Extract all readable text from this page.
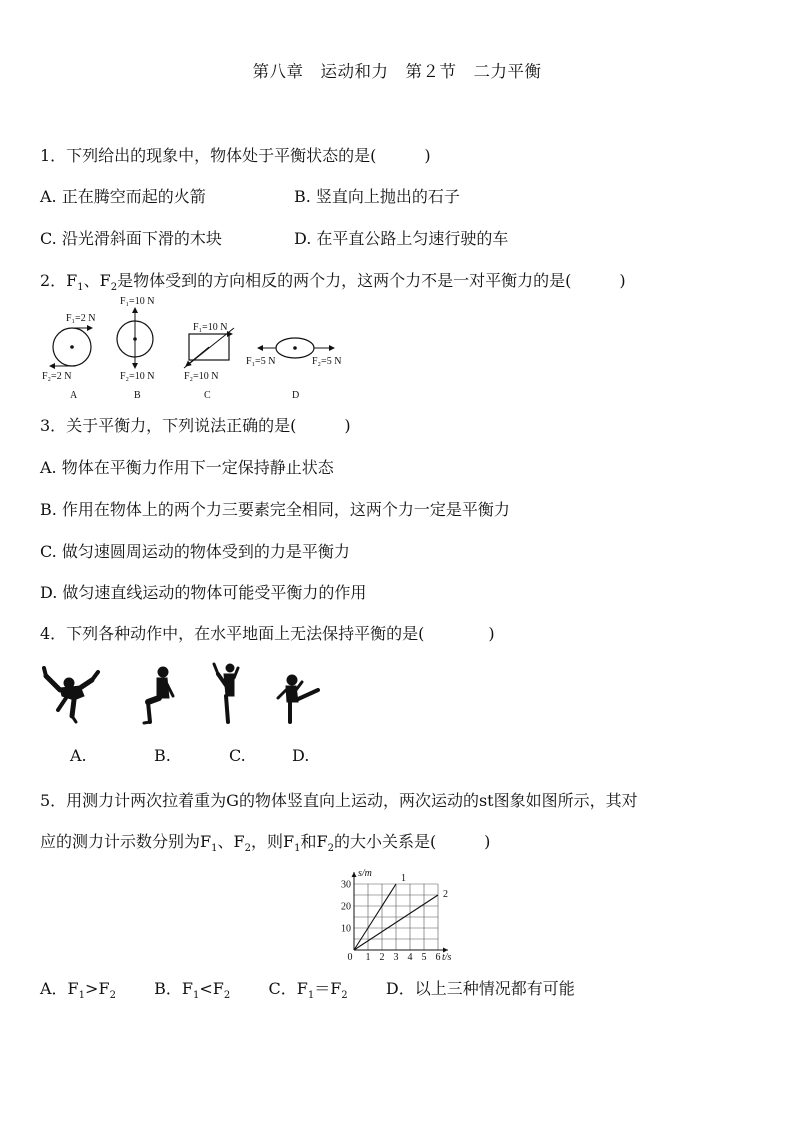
第八章　运动和力　第２节　二力平衡
1．下列给出的现象中，物体处于平衡状态的是(　　　)
A. 正在腾空而起的火箭	B. 竖直向上抛出的石子
C. 沿光滑斜面下滑的木块	D. 在平直公路上匀速行驶的车
2．$F_1$、$F_2$是物体受到的方向相反的两个力，这两个力不是一对平衡力的是(　　　)
F₁=2 N
F₂=2 N
F₁=10 N
F₂=10 N
F₁=10 N
F₂=10 N
F₁=5 N	F₂=5 N
A	B	C	D
3．关于平衡力，下列说法正确的是(　　　)
A. 物体在平衡力作用下一定保持静止状态
B. 作用在物体上的两个力三要素完全相同，这两个力一定是平衡力
C. 做匀速圆周运动的物体受到的力是平衡力
D. 做匀速直线运动的物体可能受平衡力的作用
4．下列各种动作中，在水平地面上无法保持平衡的是(　　　　)
A.	B.	C.	D.
5．用测力计两次拉着重为G的物体竖直向上运动，两次运动的st图象如图所示，其对
应的测力计示数分别为$F_1$、$F_2$，则$F_1$和$F_2$的大小关系是(　　　)
1 2 3 4 5 6
10
20
30
0
s/m
t/s
1
2
A．$F_1>F_2$ B．$F_1<F_2$ C．$F_1=F_2$ D．以上三种情况都有可能
